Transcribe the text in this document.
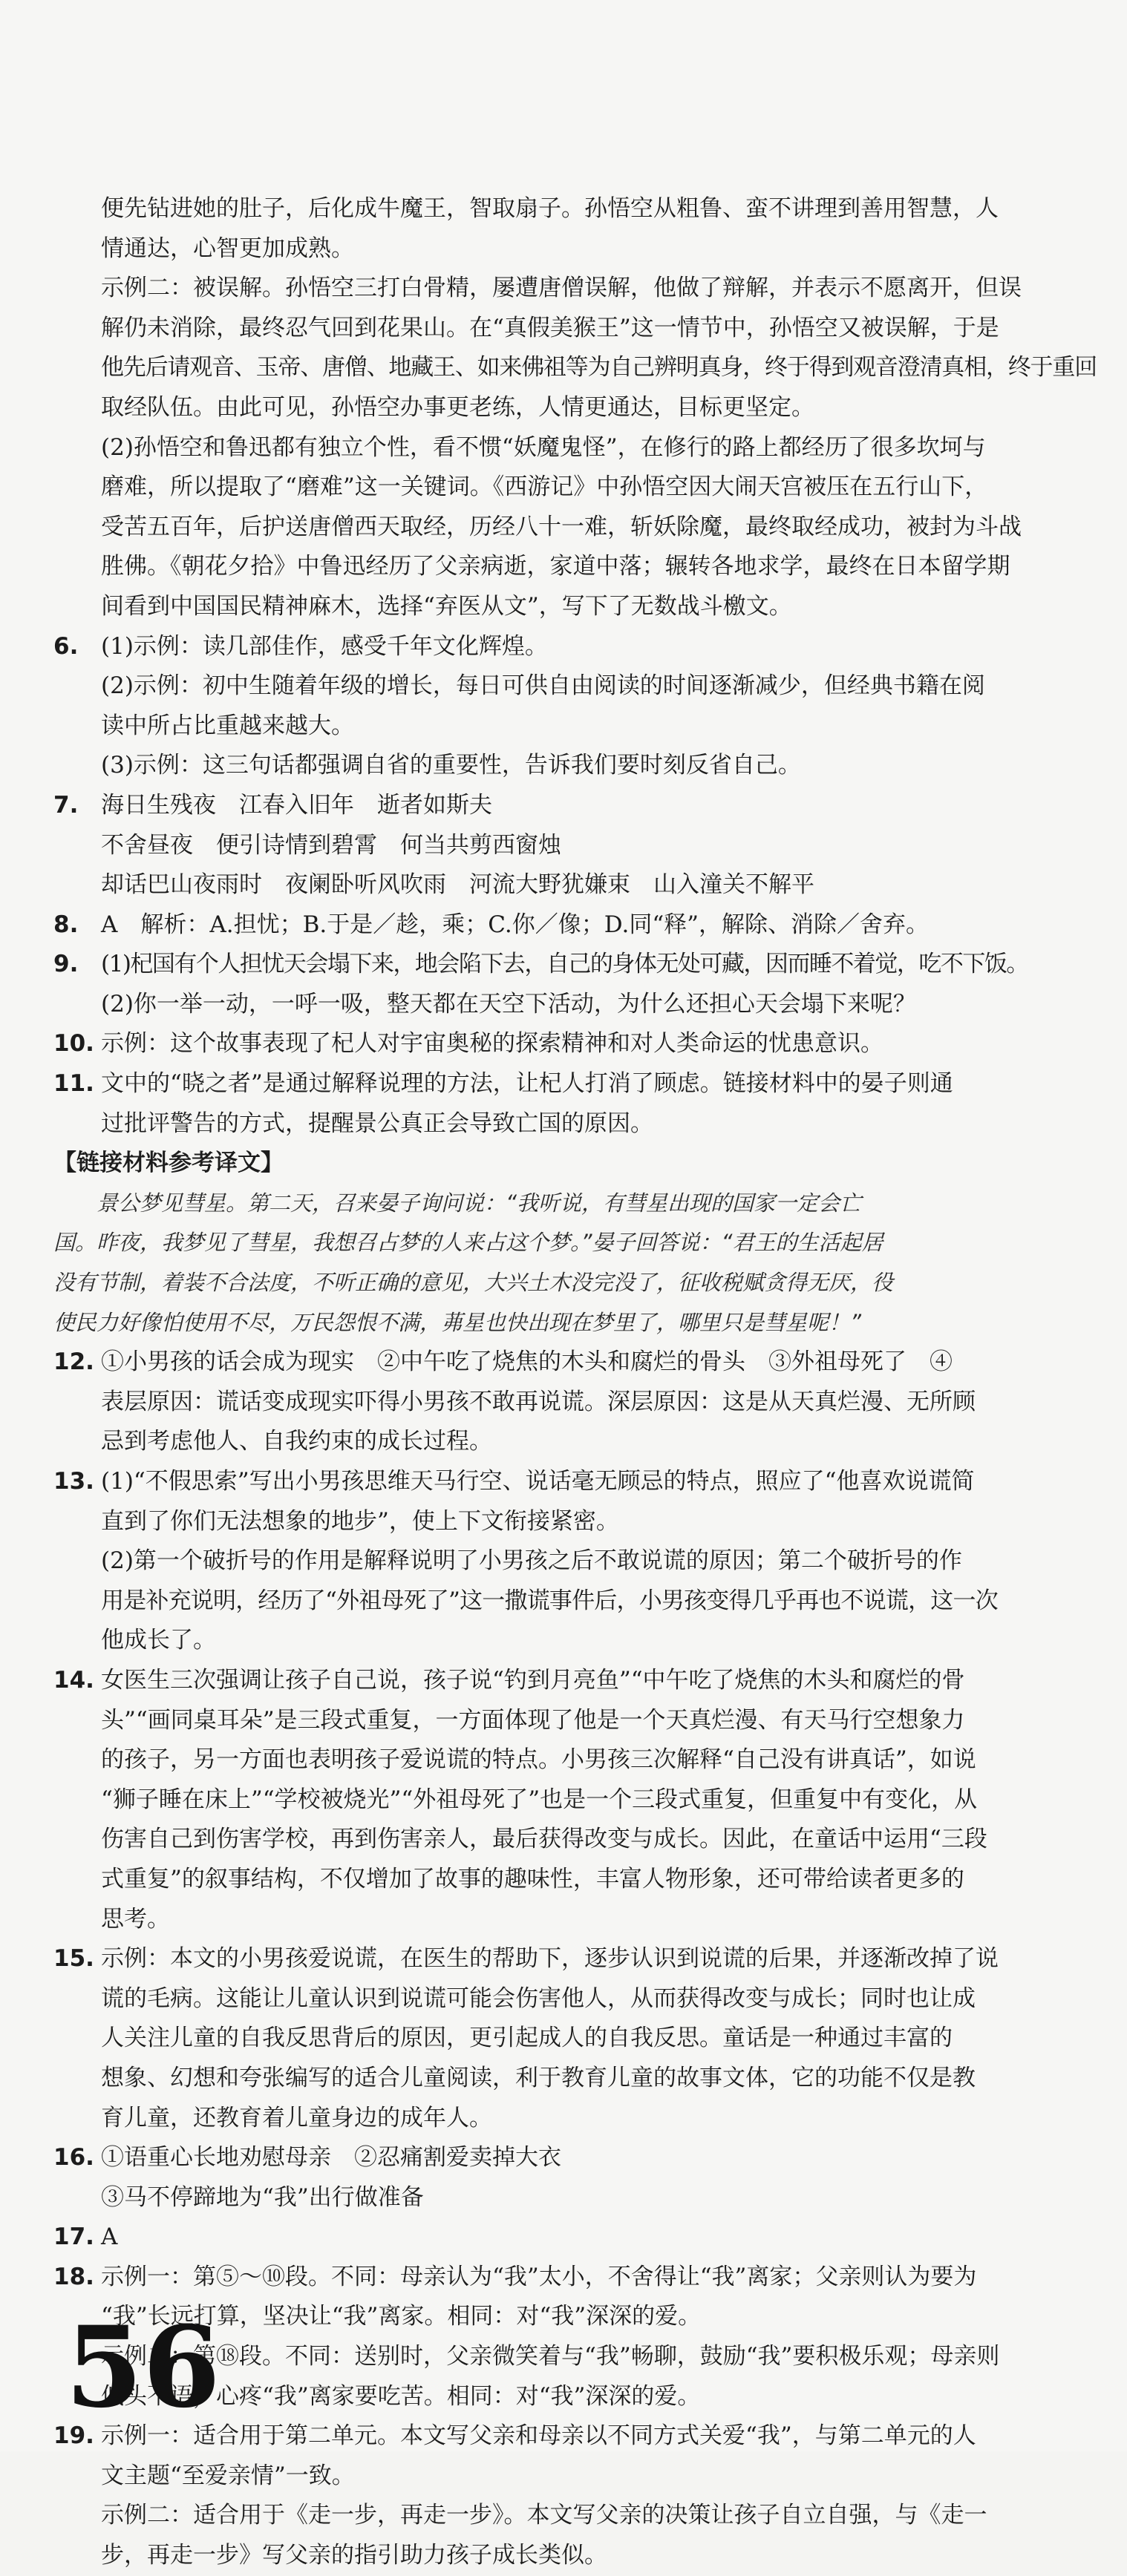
便先钻进她的肚子，后化成牛魔王，智取扇子。孙悟空从粗鲁、蛮不讲理到善用智慧，人
情通达，心智更加成熟。
示例二：被误解。孙悟空三打白骨精，屡遭唐僧误解，他做了辩解，并表示不愿离开，但误
解仍未消除，最终忍气回到花果山。在“真假美猴王”这一情节中，孙悟空又被误解，于是
他先后请观音、玉帝、唐僧、地藏王、如来佛祖等为自己辨明真身，终于得到观音澄清真相，终于重回
取经队伍。由此可见，孙悟空办事更老练，人情更通达，目标更坚定。
(2)孙悟空和鲁迅都有独立个性，看不惯“妖魔鬼怪”，在修行的路上都经历了很多坎坷与
磨难，所以提取了“磨难”这一关键词。《西游记》中孙悟空因大闹天宫被压在五行山下，
受苦五百年，后护送唐僧西天取经，历经八十一难，斩妖除魔，最终取经成功，被封为斗战
胜佛。《朝花夕拾》中鲁迅经历了父亲病逝，家道中落；辗转各地求学，最终在日本留学期
间看到中国国民精神麻木，选择“弃医从文”，写下了无数战斗檄文。
6. (1)示例：读几部佳作，感受千年文化辉煌。
(2)示例：初中生随着年级的增长，每日可供自由阅读的时间逐渐减少，但经典书籍在阅
读中所占比重越来越大。
(3)示例：这三句话都强调自省的重要性，告诉我们要时刻反省自己。
7. 海日生残夜　江春入旧年　逝者如斯夫
不舍昼夜　便引诗情到碧霄　何当共剪西窗烛
却话巴山夜雨时　夜阑卧听风吹雨　河流大野犹嫌束　山入潼关不解平
8. A　解析：A.担忧；B.于是／趁，乘；C.你／像；D.同“释”，解除、消除／舍弃。
9. (1)杞国有个人担忧天会塌下来，地会陷下去，自己的身体无处可藏，因而睡不着觉，吃不下饭。
(2)你一举一动，一呼一吸，整天都在天空下活动，为什么还担心天会塌下来呢？
10. 示例：这个故事表现了杞人对宇宙奥秘的探索精神和对人类命运的忧患意识。
11. 文中的“晓之者”是通过解释说理的方法，让杞人打消了顾虑。链接材料中的晏子则通
过批评警告的方式，提醒景公真正会导致亡国的原因。
【链接材料参考译文】
景公梦见彗星。第二天，召来晏子询问说：“我听说，有彗星出现的国家一定会亡
国。昨夜，我梦见了彗星，我想召占梦的人来占这个梦。”晏子回答说：“君王的生活起居
没有节制，着装不合法度，不听正确的意见，大兴土木没完没了，征收税赋贪得无厌，役
使民力好像怕使用不尽，万民怨恨不满，茀星也快出现在梦里了，哪里只是彗星呢！”
12. ①小男孩的话会成为现实　②中午吃了烧焦的木头和腐烂的骨头　③外祖母死了　④
表层原因：谎话变成现实吓得小男孩不敢再说谎。深层原因：这是从天真烂漫、无所顾
忌到考虑他人、自我约束的成长过程。
13. (1)“不假思索”写出小男孩思维天马行空、说话毫无顾忌的特点，照应了“他喜欢说谎简
直到了你们无法想象的地步”，使上下文衔接紧密。
(2)第一个破折号的作用是解释说明了小男孩之后不敢说谎的原因；第二个破折号的作
用是补充说明，经历了“外祖母死了”这一撒谎事件后，小男孩变得几乎再也不说谎，这一次
他成长了。
14. 女医生三次强调让孩子自己说，孩子说“钓到月亮鱼”“中午吃了烧焦的木头和腐烂的骨
头”“画同桌耳朵”是三段式重复，一方面体现了他是一个天真烂漫、有天马行空想象力
的孩子，另一方面也表明孩子爱说谎的特点。小男孩三次解释“自己没有讲真话”，如说
“狮子睡在床上”“学校被烧光”“外祖母死了”也是一个三段式重复，但重复中有变化，从
伤害自己到伤害学校，再到伤害亲人，最后获得改变与成长。因此，在童话中运用“三段
式重复”的叙事结构，不仅增加了故事的趣味性，丰富人物形象，还可带给读者更多的
思考。
15. 示例：本文的小男孩爱说谎，在医生的帮助下，逐步认识到说谎的后果，并逐渐改掉了说
谎的毛病。这能让儿童认识到说谎可能会伤害他人，从而获得改变与成长；同时也让成
人关注儿童的自我反思背后的原因，更引起成人的自我反思。童话是一种通过丰富的
想象、幻想和夸张编写的适合儿童阅读，利于教育儿童的故事文体，它的功能不仅是教
育儿童，还教育着儿童身边的成年人。
16. ①语重心长地劝慰母亲　②忍痛割爱卖掉大衣
③马不停蹄地为“我”出行做准备
17. A
18. 示例一：第⑤～⑩段。不同：母亲认为“我”太小，不舍得让“我”离家；父亲则认为要为
“我”长远打算，坚决让“我”离家。相同：对“我”深深的爱。
示例二：第⑱段。不同：送别时，父亲微笑着与“我”畅聊，鼓励“我”要积极乐观；母亲则
低头不语，心疼“我”离家要吃苦。相同：对“我”深深的爱。
19. 示例一：适合用于第二单元。本文写父亲和母亲以不同方式关爱“我”，与第二单元的人
文主题“至爱亲情”一致。
示例二：适合用于《走一步，再走一步》。本文写父亲的决策让孩子自立自强，与《走一
步，再走一步》写父亲的指引助力孩子成长类似。
56
